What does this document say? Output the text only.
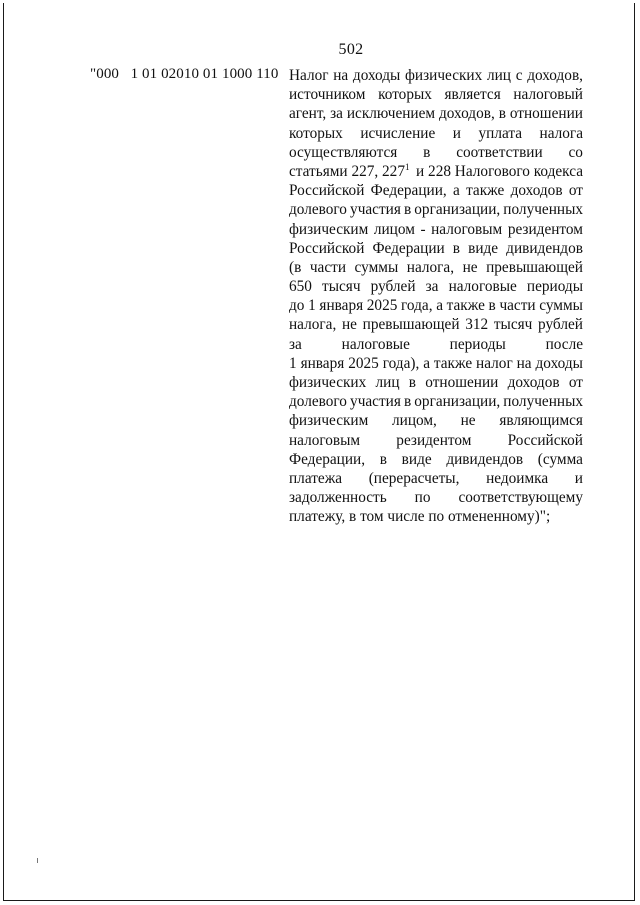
502
"000   1 01 02010 01 1000 110 Налог на доходы физических лиц с доходов,
источником которых является налоговый
агент, за исключением доходов, в отношении
которых исчисление и уплата налога
осуществляются в соответствии со
статьями 227, $227^1$ и 228 Налогового кодекса
Российской Федерации, а также доходов от
долевого участия в организации, полученных
физическим лицом - налоговым резидентом
Российской Федерации в виде дивидендов
(в части суммы налога, не превышающей
650 тысяч рублей за налоговые периоды
до 1 января 2025 года, а также в части суммы
налога, не превышающей 312 тысяч рублей
за	налоговые	периоды	после
1 января 2025 года), а также налог на доходы
физических лиц в отношении доходов от
долевого участия в организации, полученных
физическим лицом, не являющимся
налоговым резидентом Российской
Федерации, в виде дивидендов (сумма
платежа (перерасчеты, недоимка и
задолженность по соответствующему
платежу, в том числе по отмененному)";
